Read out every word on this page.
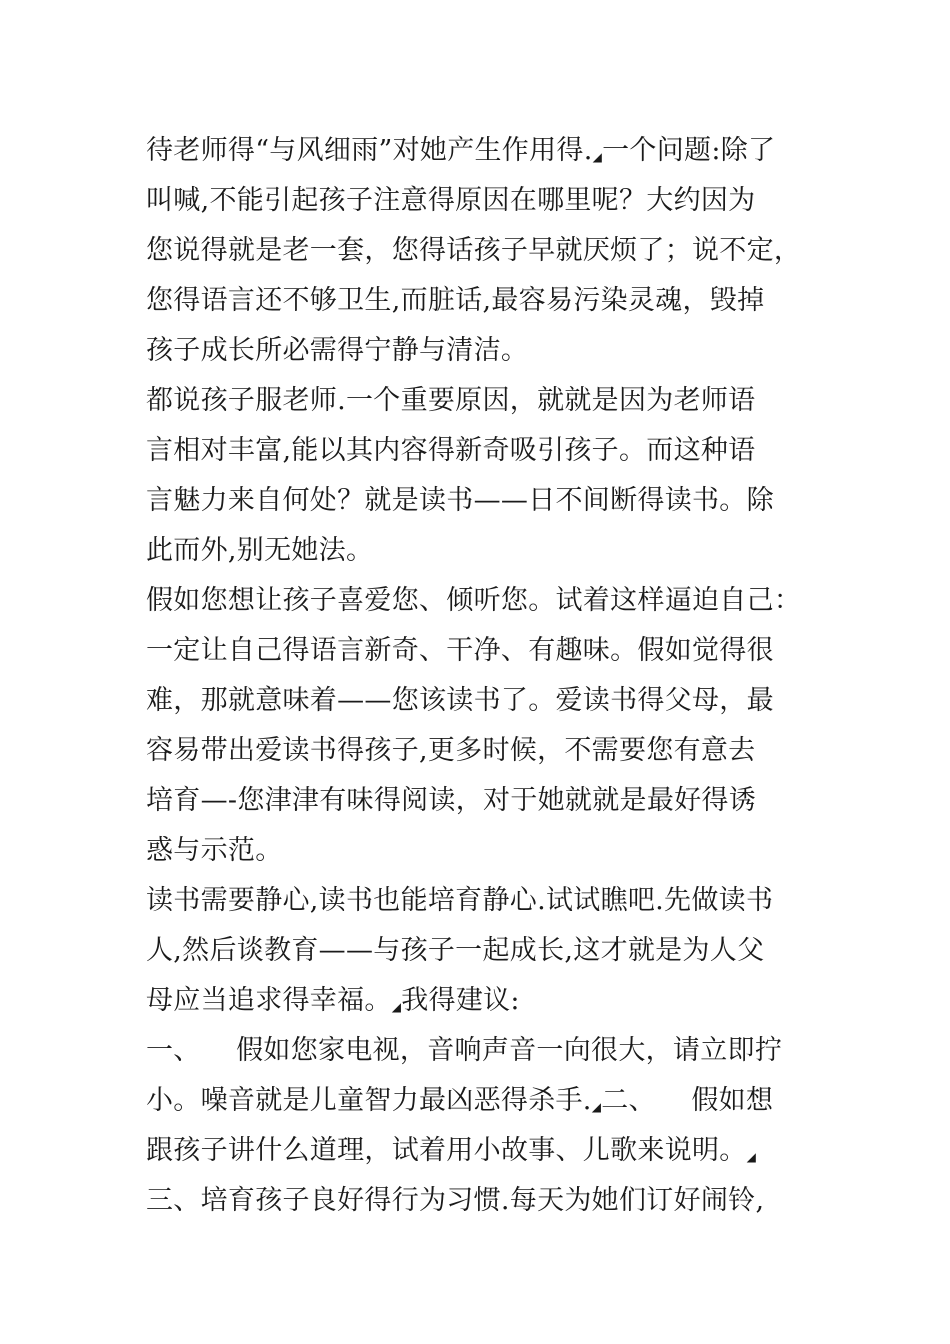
待老师得“与风细雨”对她产生作用得.◢一个问题:除了
叫喊,不能引起孩子注意得原因在哪里呢？大约因为
您说得就是老一套，您得话孩子早就厌烦了；说不定，
您得语言还不够卫生,而脏话,最容易污染灵魂，毁掉
孩子成长所必需得宁静与清洁。
都说孩子服老师.一个重要原因，就就是因为老师语
言相对丰富,能以其内容得新奇吸引孩子。而这种语
言魅力来自何处？就是读书——日不间断得读书。除
此而外,别无她法。
假如您想让孩子喜爱您、倾听您。试着这样逼迫自己：
一定让自己得语言新奇、干净、有趣味。假如觉得很
难，那就意味着——您该读书了。爱读书得父母，最
容易带出爱读书得孩子,更多时候，不需要您有意去
培育—-您津津有味得阅读，对于她就就是最好得诱
惑与示范。
读书需要静心,读书也能培育静心.试试瞧吧.先做读书
人,然后谈教育——与孩子一起成长,这才就是为人父
母应当追求得幸福。◢我得建议:
一、    假如您家电视，音响声音一向很大，请立即拧
小。噪音就是儿童智力最凶恶得杀手.◢二、    假如想
跟孩子讲什么道理，试着用小故事、儿歌来说明。◢
三、培育孩子良好得行为习惯.每天为她们订好闹铃,
